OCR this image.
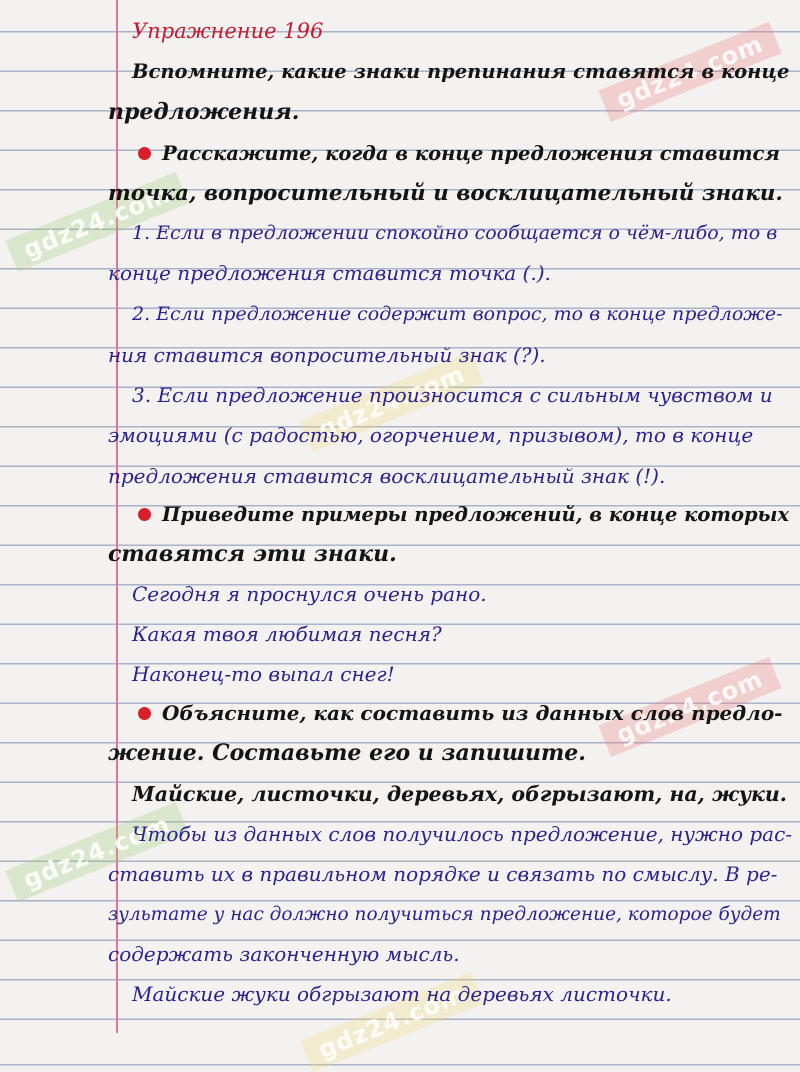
gdz24.com
gdz24.com
gdz24.com
gdz24.com
gdz24.com
gdz24.com
Упражнение 196
Вспомните, какие знаки препинания ставятся в конце
предложения.
Расскажите, когда в конце предложения ставится
точка, вопросительный и восклицательный знаки.
1. Если в предложении спокойно сообщается о чём-либо, то в
конце предложения ставится точка (.).
2. Если предложение содержит вопрос, то в конце предложе-
ния ставится вопросительный знак (?).
3. Если предложение произносится с сильным чувством и
эмоциями (с радостью, огорчением, призывом), то в конце
предложения ставится восклицательный знак (!).
Приведите примеры предложений, в конце которых
ставятся эти знаки.
Сегодня я проснулся очень рано.
Какая твоя любимая песня?
Наконец-то выпал снег!
Объясните, как составить из данных слов предло-
жение. Составьте его и запишите.
Майские, листочки, деревьях, обгрызают, на, жуки.
Чтобы из данных слов получилось предложение, нужно рас-
ставить их в правильном порядке и связать по смыслу. В ре-
зультате у нас должно получиться предложение, которое будет
содержать законченную мысль.
Майские жуки обгрызают на деревьях листочки.
